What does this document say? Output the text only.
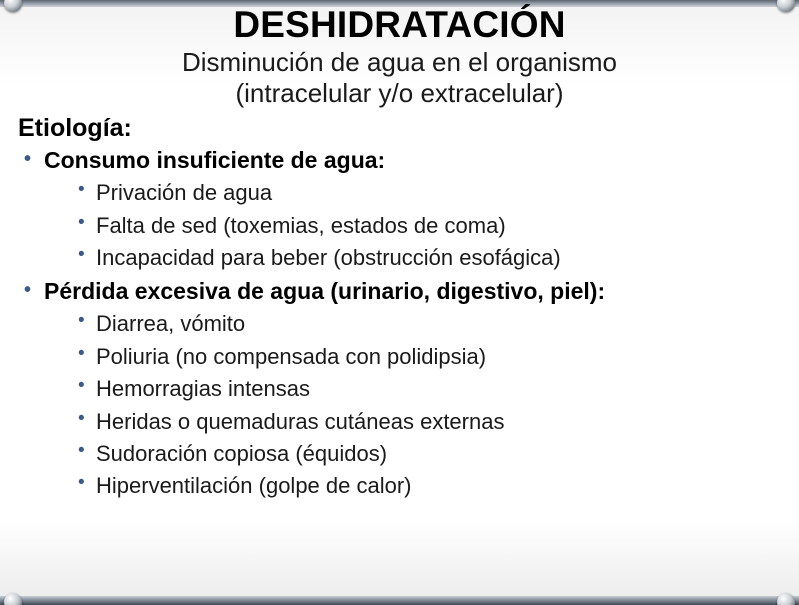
DESHIDRATACIÓN
Disminución de agua en el organismo
(intracelular y/o extracelular)
Etiología:
• Consumo insuficiente de agua:
• Privación de agua
• Falta de sed (toxemias, estados de coma)
• Incapacidad para beber (obstrucción esofágica)
• Pérdida excesiva de agua (urinario, digestivo, piel):
• Diarrea, vómito
• Poliuria (no compensada con polidipsia)
• Hemorragias intensas
• Heridas o quemaduras cutáneas externas
• Sudoración copiosa (équidos)
• Hiperventilación (golpe de calor)
